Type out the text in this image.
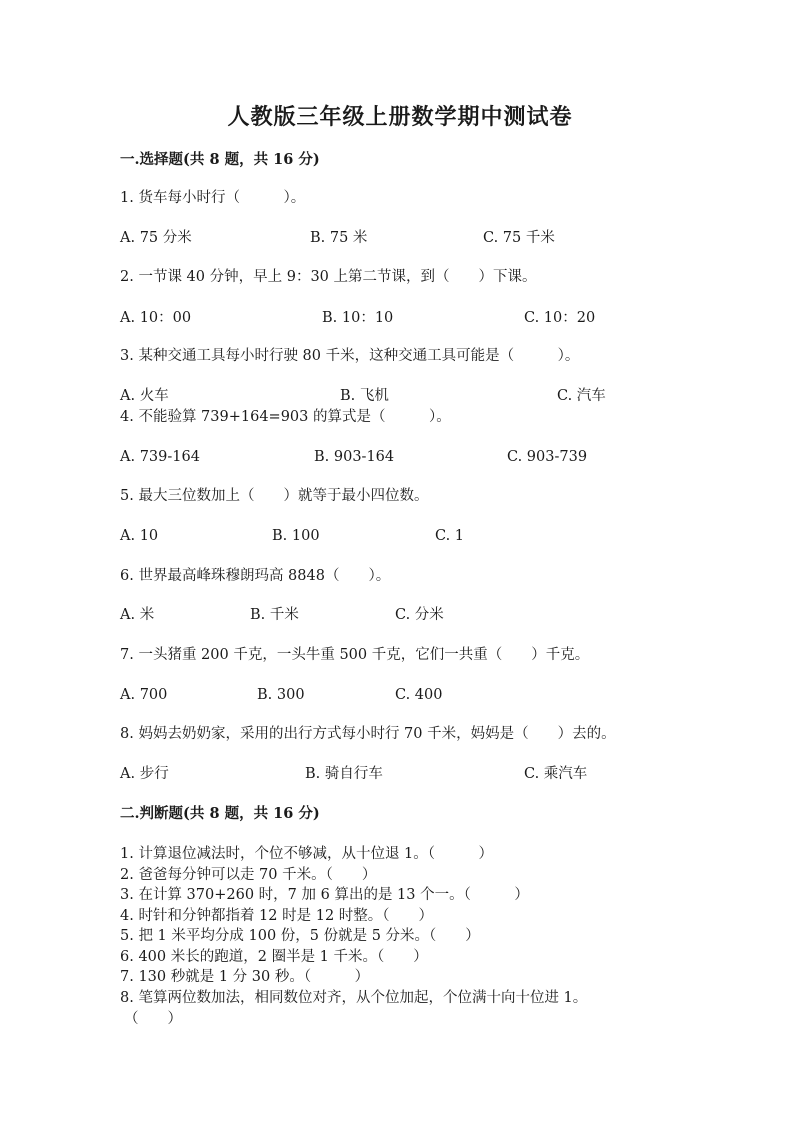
人教版三年级上册数学期中测试卷
一.选择题(共 8 题，共 16 分)
1. 货车每小时行（　　　）。
A. 75 分米	B. 75 米	C. 75 千米
2. 一节课 40 分钟，早上 9：30 上第二节课，到（　　）下课。
A. 10：00	B. 10：10	C. 10：20
3. 某种交通工具每小时行驶 80 千米，这种交通工具可能是（　　　）。
A. 火车	B. 飞机	C. 汽车
4. 不能验算 739+164=903 的算式是（　　　）。
A. 739-164	B. 903-164	C. 903-739
5. 最大三位数加上（　　）就等于最小四位数。
A. 10	B. 100	C. 1
6. 世界最高峰珠穆朗玛高 8848（　　）。
A. 米	B. 千米	C. 分米
7. 一头猪重 200 千克，一头牛重 500 千克，它们一共重（　　）千克。
A. 700	B. 300	C. 400
8. 妈妈去奶奶家，采用的出行方式每小时行 70 千米，妈妈是（　　）去的。
A. 步行	B. 骑自行车	C. 乘汽车
二.判断题(共 8 题，共 16 分)
1. 计算退位减法时，个位不够减，从十位退 1。（　　　）
2. 爸爸每分钟可以走 70 千米。（　　）
3. 在计算 370+260 时，7 加 6 算出的是 13 个一。（　　　）
4. 时针和分钟都指着 12 时是 12 时整。（　　）
5. 把 1 米平均分成 100 份，5 份就是 5 分米。（　　）
6. 400 米长的跑道，2 圈半是 1 千米。（　　）
7. 130 秒就是 1 分 30 秒。（　　　）
8. 笔算两位数加法，相同数位对齐，从个位加起，个位满十向十位进 1。
（　　）
